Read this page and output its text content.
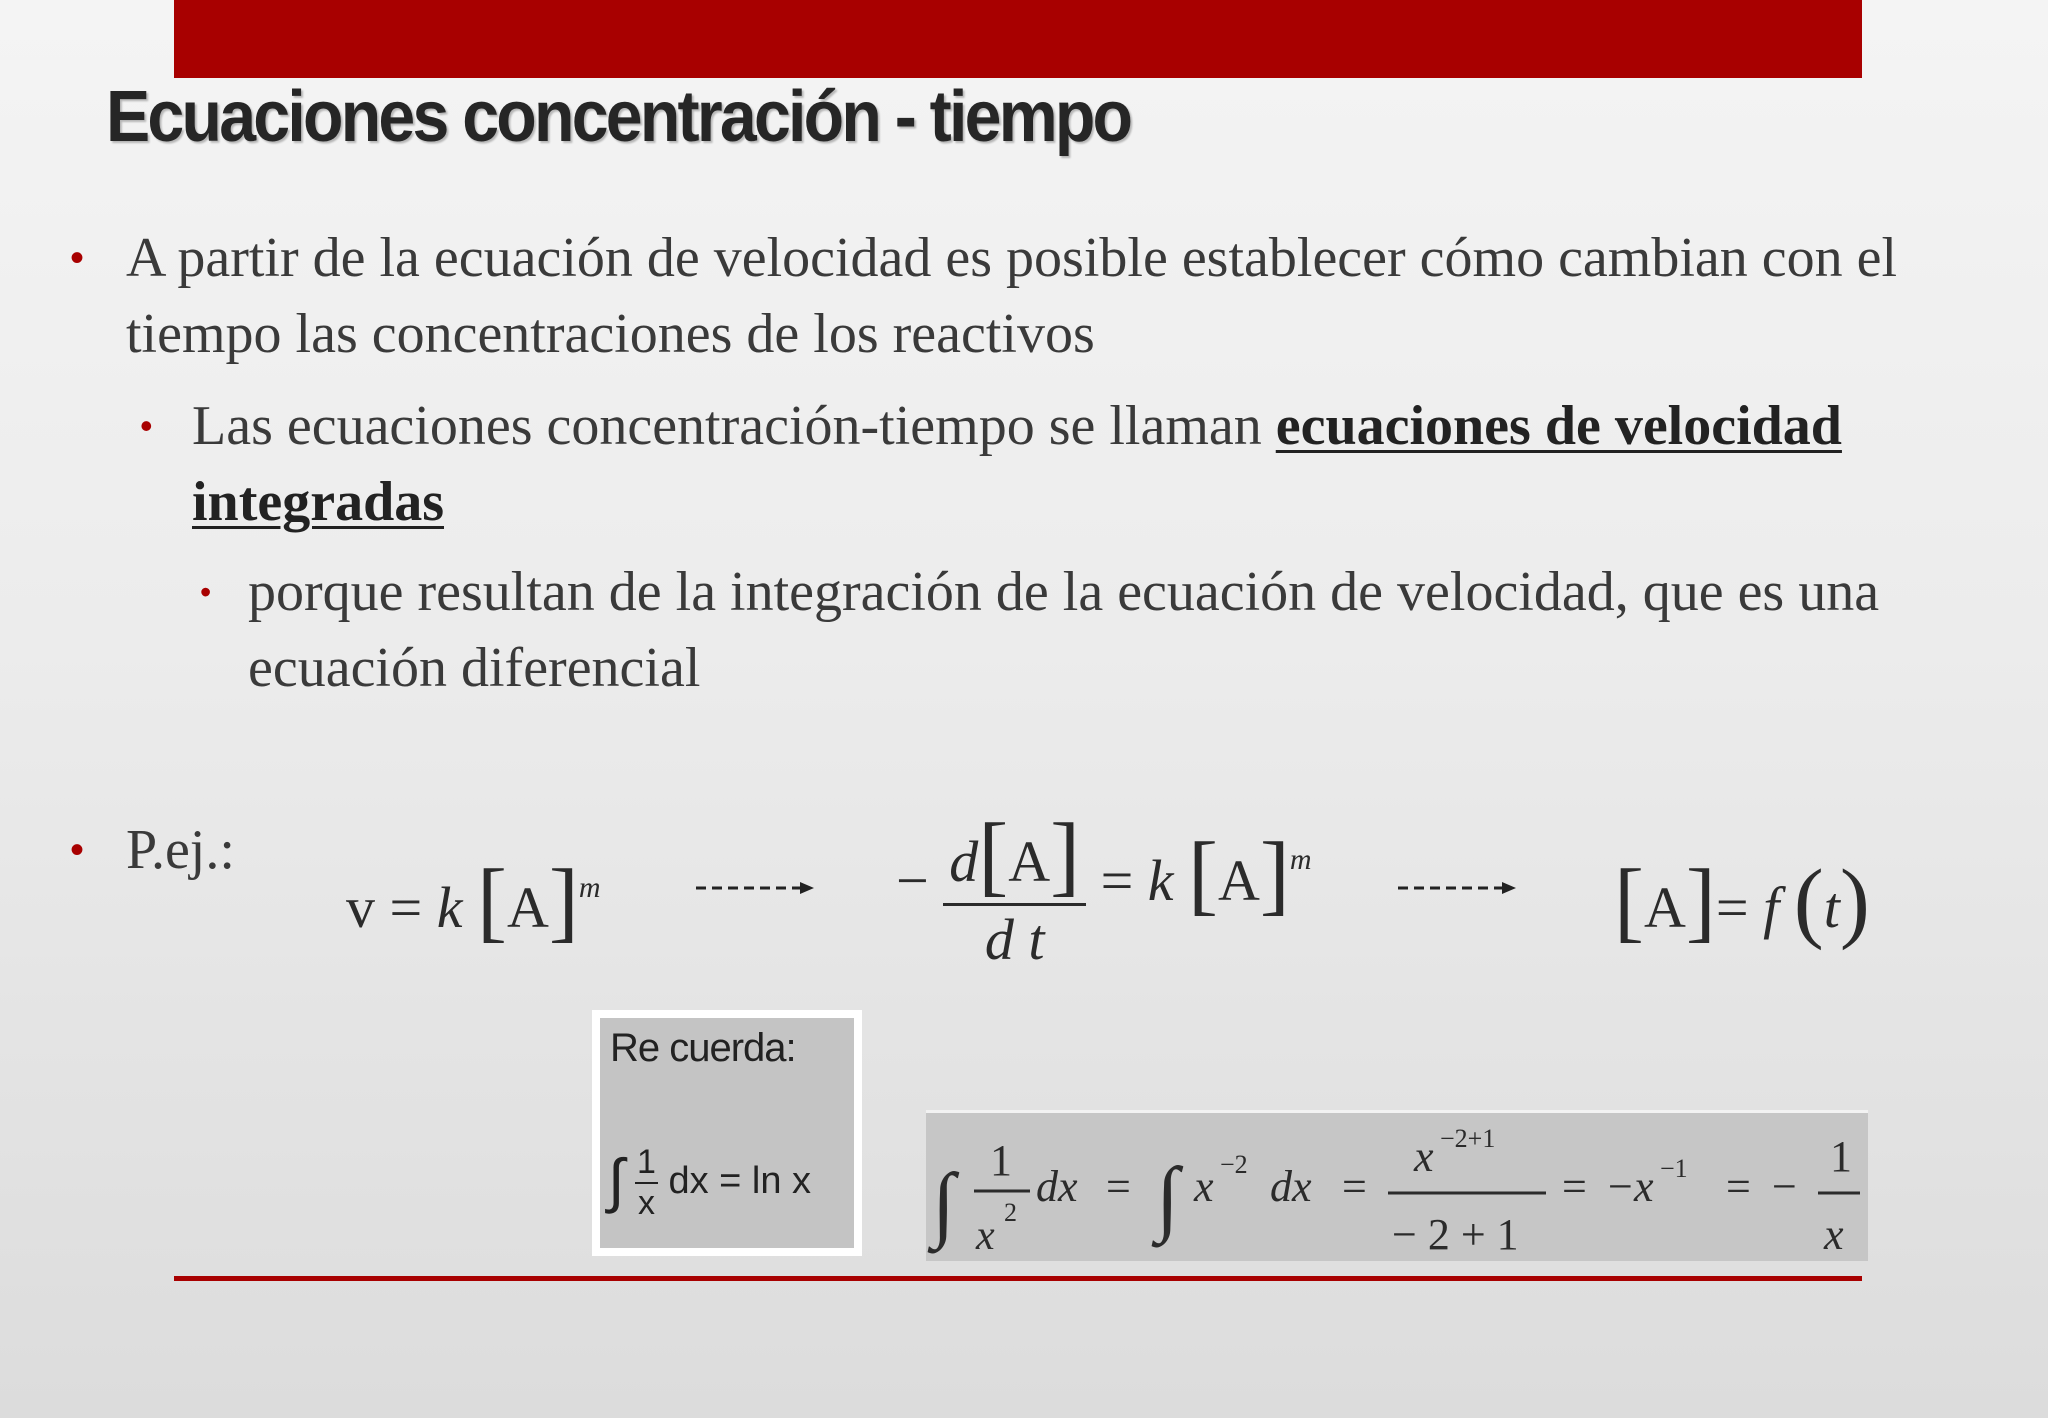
Ecuaciones concentración - tiempo
• A partir de la ecuación de velocidad es posible establecer cómo cambian con el tiempo las concentraciones de los reactivos
• Las ecuaciones concentración-tiempo se llaman ecuaciones de velocidad integradas
• porque resultan de la integración de la ecuación de velocidad, que es una ecuación diferencial
• P.ej.:
v = k $[A]^m$	− $\frac{d[A]}{\text{d t}} = k$ $[A]^m$	[A]= f (t)
Re cuerda:
∫ $\frac{1}{x}$ dx = ln x ∫ 1
x
2
dx = ∫ x −2 dx =
x −2+1
− 2 + 1
= − x −1 = −
1
x
